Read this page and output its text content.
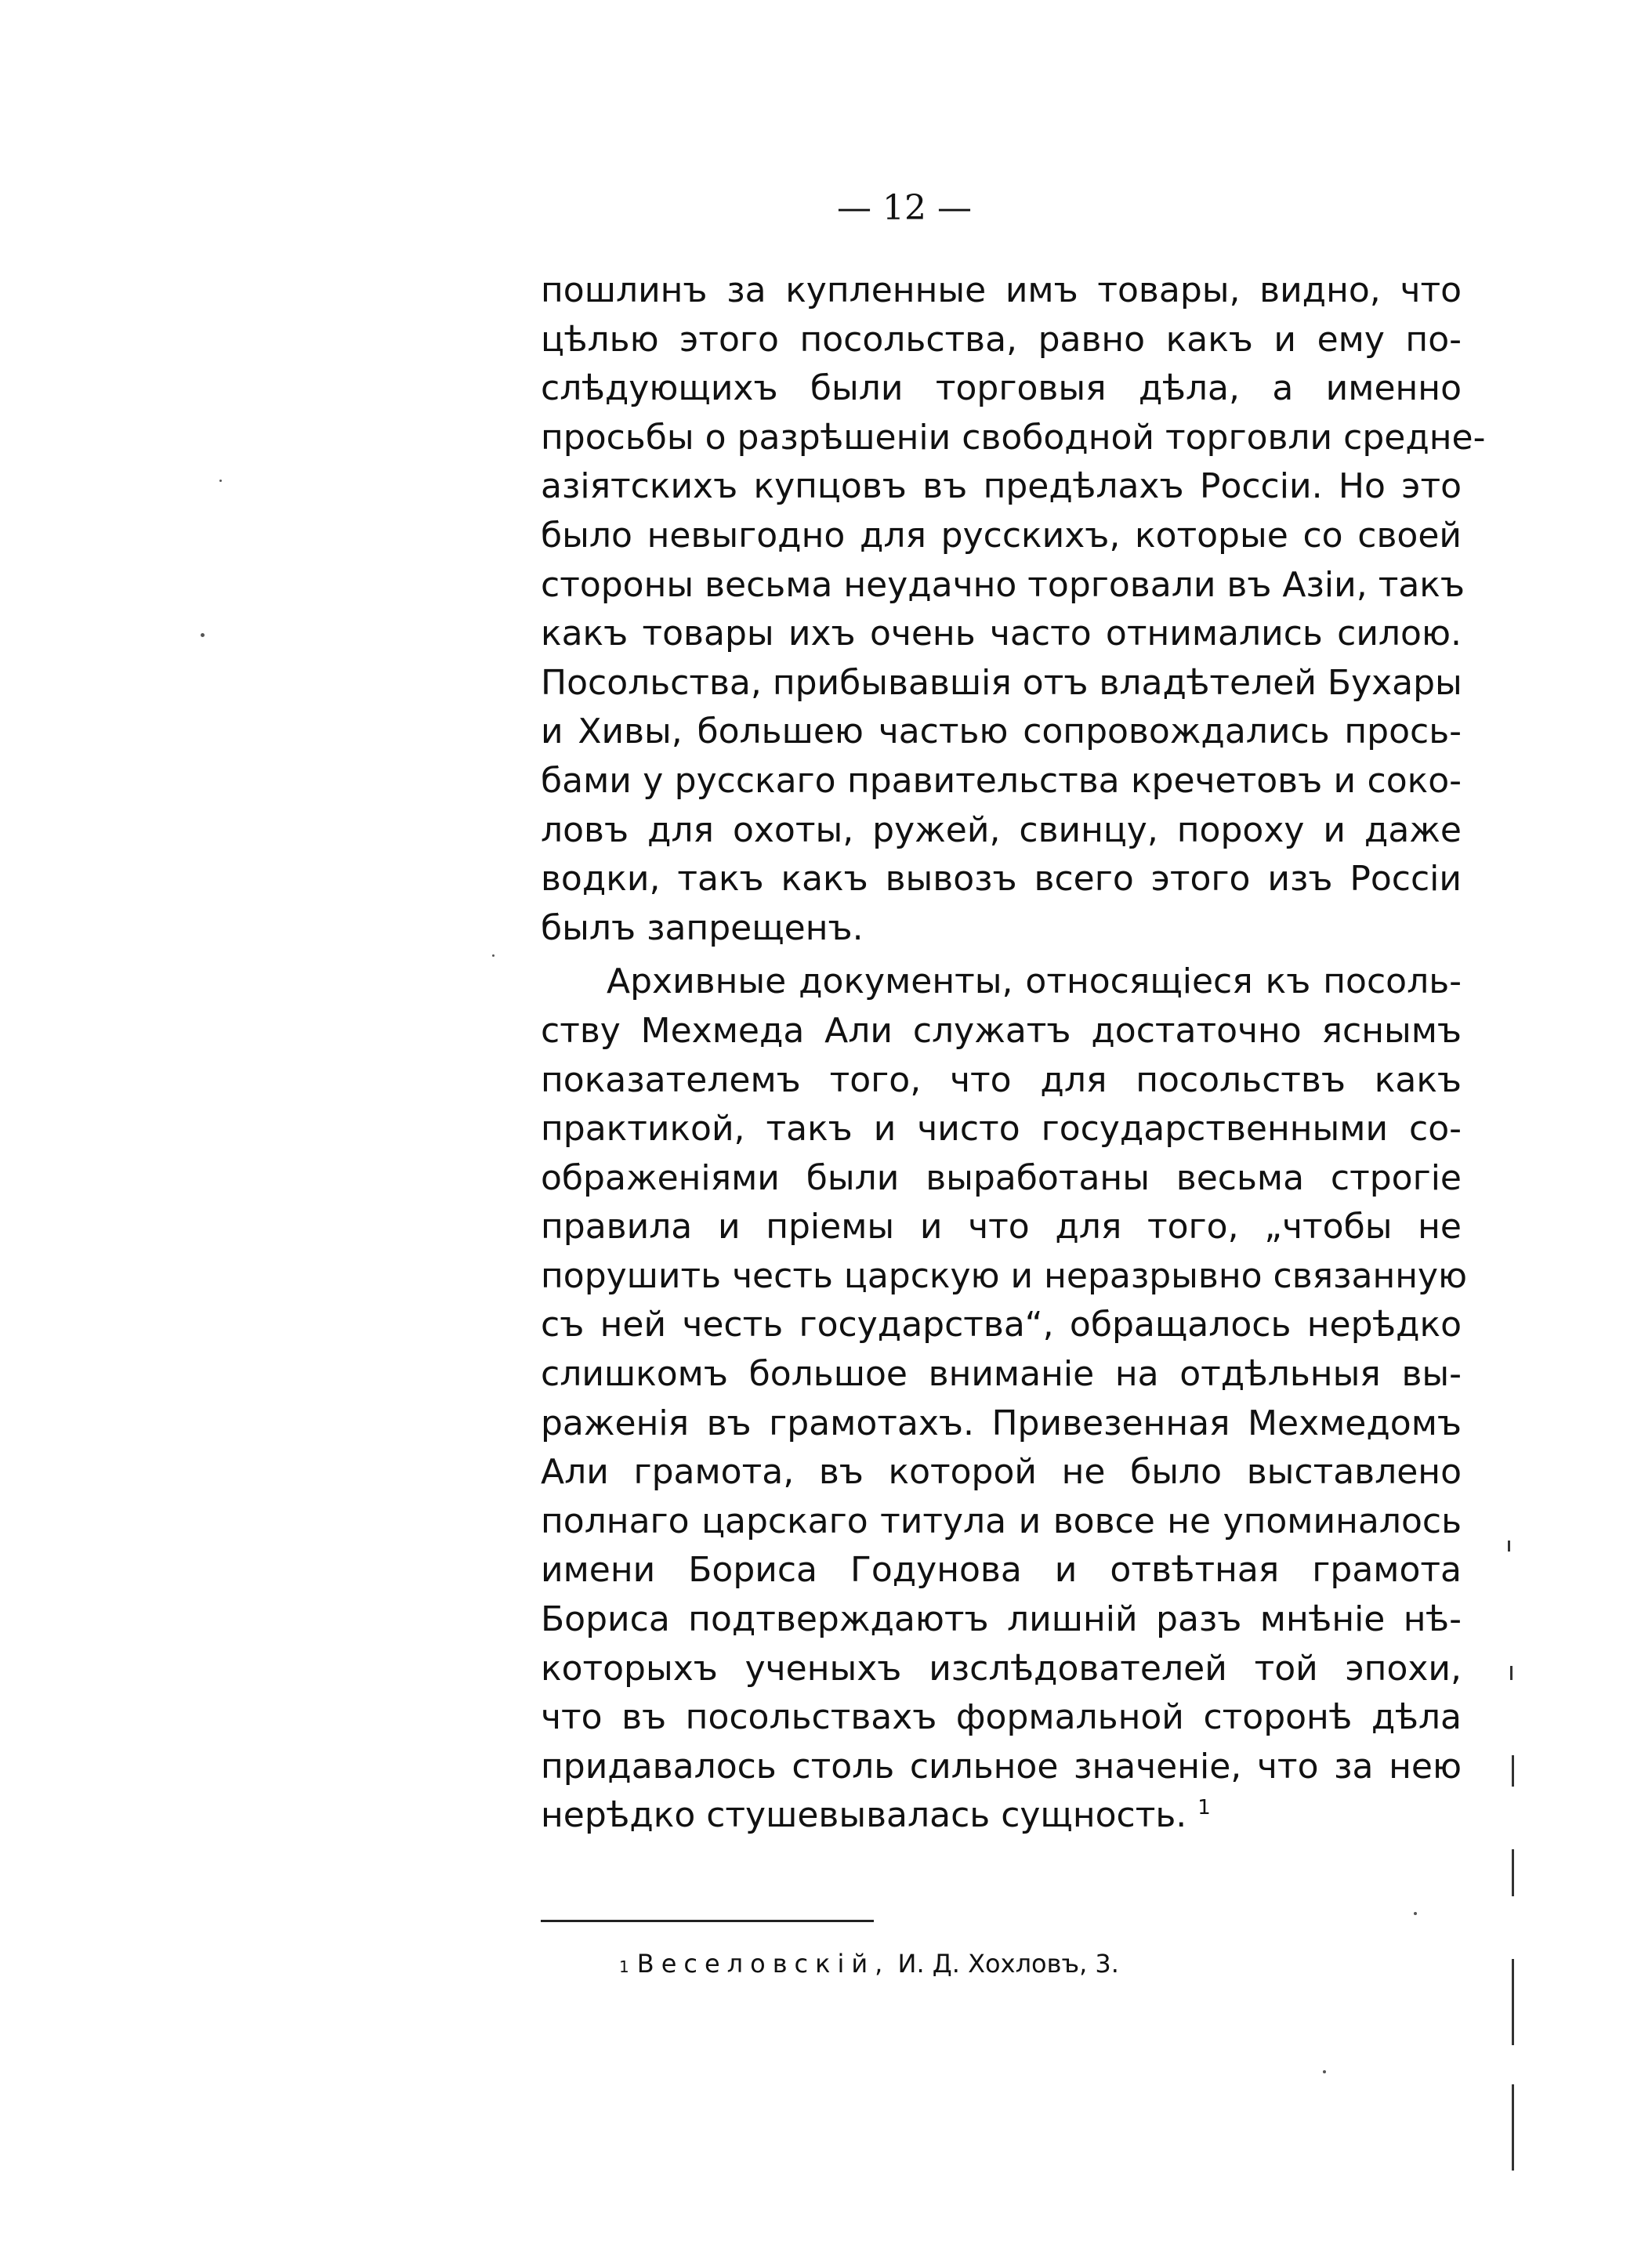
— 12 —
пошлинъ за купленные имъ товары, видно, что
цѣлью этого посольства, равно какъ и ему по-
слѣдующихъ были торговыя дѣла, а именно
просьбы о разрѣшенiи свободной торговли средне-
азiятскихъ купцовъ въ предѣлахъ Россiи. Но это
было невыгодно для русскихъ, которые со своей
стороны весьма неудачно торговали въ Азiи, такъ
какъ товары ихъ очень часто отнимались силою.
Посольства, прибывавшiя отъ владѣтелей Бухары
и Хивы, большею частью сопровождались прось-
бами у русскаго правительства кречетовъ и соко-
ловъ для охоты, ружей, свинцу, пороху и даже
водки, такъ какъ вывозъ всего этого изъ Россiи
былъ запрещенъ.
Архивные документы, относящiеся къ посоль-
ству Мехмеда Али служатъ достаточно яснымъ
показателемъ того, что для посольствъ какъ
практикой, такъ и чисто государственными со-
ображенiями были выработаны весьма строгiе
правила и прiемы и что для того, „чтобы не
порушить честь царскую и неразрывно связанную
съ ней честь государства“, обращалось нерѣдко
слишкомъ большое вниманiе на отдѣльныя вы-
раженiя въ грамотахъ. Привезенная Мехмедомъ
Али грамота, въ которой не было выставлено
полнаго царскаго титула и вовсе не упоминалось
имени Бориса Годунова и отвѣтная грамота
Бориса подтверждаютъ лишнiй разъ мнѣнiе нѣ-
которыхъ ученыхъ изслѣдователей той эпохи,
что въ посольствахъ формальной сторонѣ дѣла
придавалось столь сильное значенiе, что за нею
нерѣдко стушевывалась сущность. $^1$
$^1$ Веселовскiй, И. Д. Хохловъ, 3.
